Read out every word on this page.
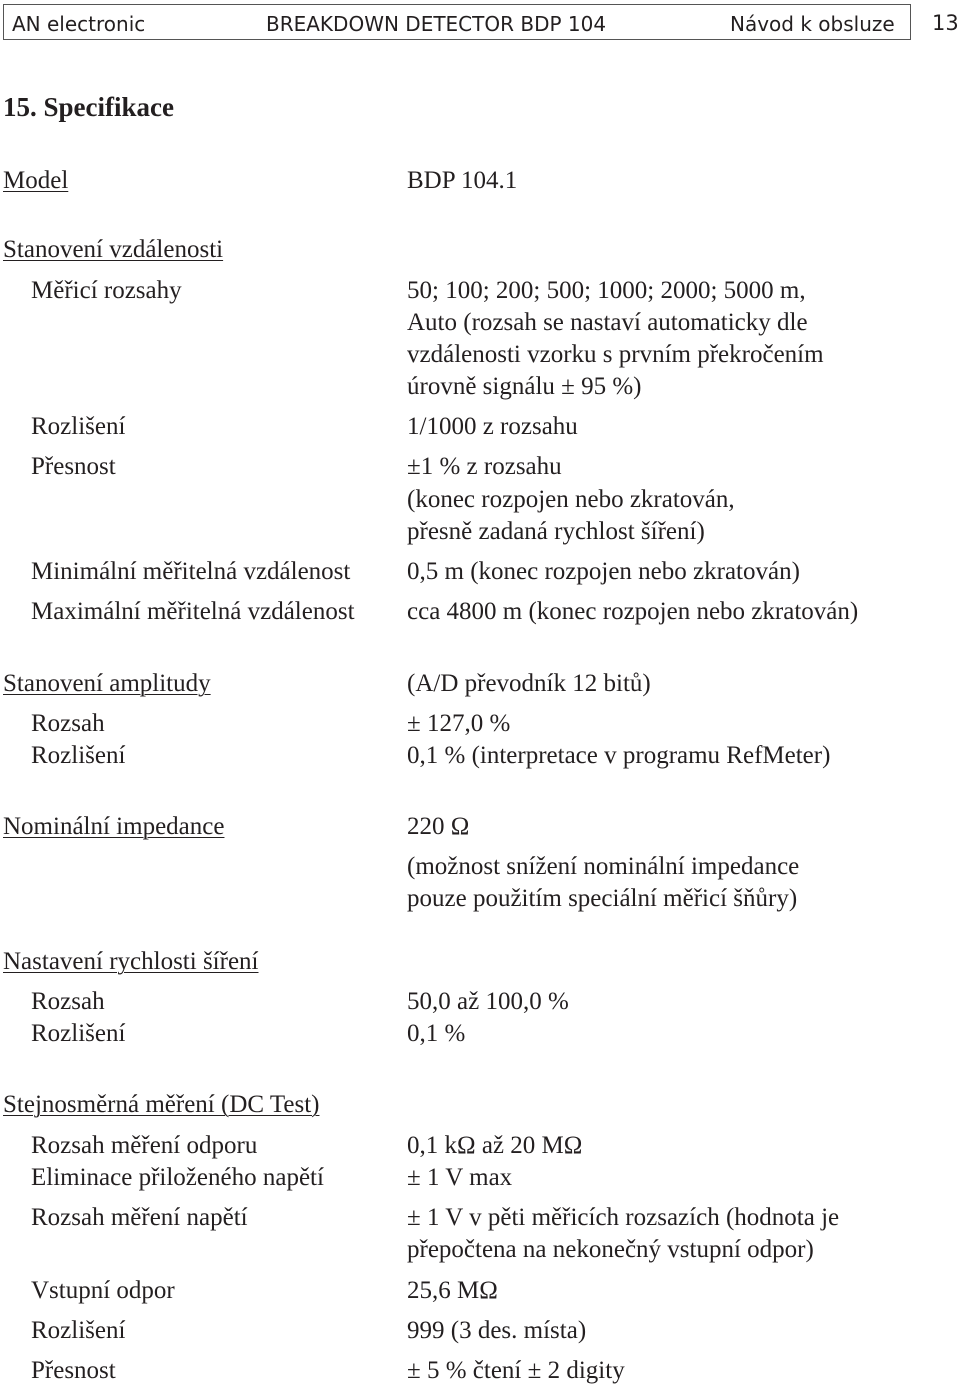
AN electronic	BREAKDOWN DETECTOR BDP 104	Návod k obsluze 13
15. Specifikace
Model	BDP 104.1
Stanovení vzdálenosti
Měřicí rozsahy	50; 100; 200; 500; 1000; 2000; 5000 m,
Auto (rozsah se nastaví automaticky dle
vzdálenosti vzorku s prvním překročením
úrovně signálu ± 95 %)
Rozlišení	1/1000 z rozsahu
Přesnost	±1 % z rozsahu
(konec rozpojen nebo zkratován,
přesně zadaná rychlost šíření)
Minimální měřitelná vzdálenost 0,5 m (konec rozpojen nebo zkratován)
Maximální měřitelná vzdálenost cca 4800 m (konec rozpojen nebo zkratován)
Stanovení amplitudy	(A/D převodník 12 bitů)
Rozsah	± 127,0 %
Rozlišení	0,1 % (interpretace v programu RefMeter)
Nominální impedance	220 Ω
(možnost snížení nominální impedance
pouze použitím speciální měřicí šňůry)
Nastavení rychlosti šíření
Rozsah	50,0 až 100,0 %
Rozlišení	0,1 %
Stejnosměrná měření (DC Test)
Rozsah měření odporu	0,1 kΩ až 20 MΩ
Eliminace přiloženého napětí	± 1 V max
Rozsah měření napětí	± 1 V v pěti měřicích rozsazích (hodnota je
přepočtena na nekonečný vstupní odpor)
Vstupní odpor	25,6 MΩ
Rozlišení	999 (3 des. místa)
Přesnost	± 5 % čtení ± 2 digity
